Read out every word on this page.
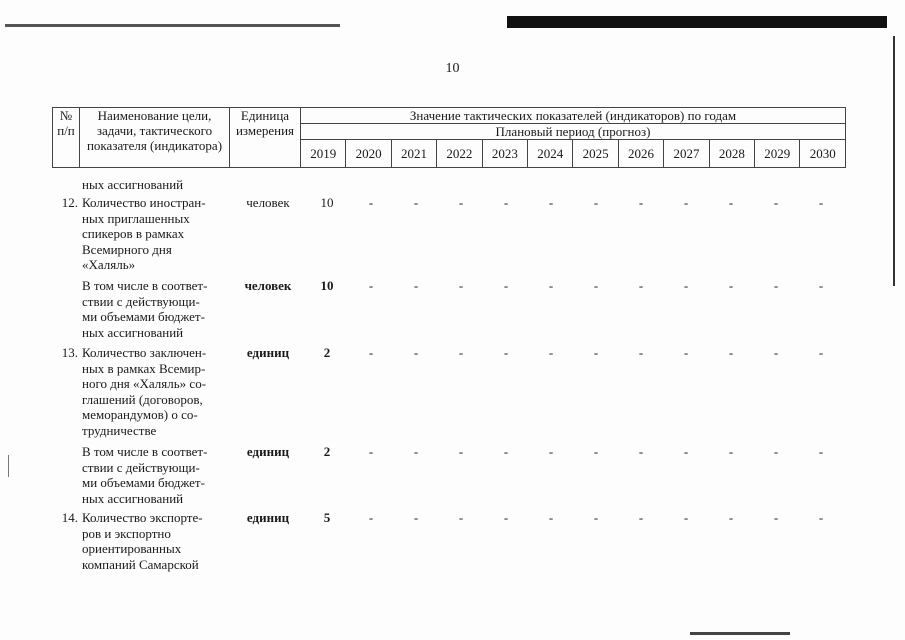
10
№ п/п	Наименование цели, задачи, тактического показателя (индикатора)	Единица измерения	Значение тактических показателей (индикаторов) по годам											
			Плановый период (прогноз)											
			2019	2020	2021	2022	2023	2024	2025	2026	2027	2028	2029	2030
ных ассигнований
12. Количество иностран-
ных приглашенных
спикеров в рамках
Всемирного дня
«Халяль»
человек	10	-	-	-	-	-	-	-	-	-	-	-
В том числе в соответ-
ствии с действующи-
ми объемами бюджет-
ных ассигнований
человек	10	-	-	-	-	-	-	-	-	-	-	-
13. Количество заключен-
ных в рамках Всемир-
ного дня «Халяль» со-
глашений (договоров,
меморандумов) о со-
трудничестве
единиц	2	-	-	-	-	-	-	-	-	-	-	-
В том числе в соответ-
ствии с действующи-
ми объемами бюджет-
ных ассигнований
единиц	2	-	-	-	-	-	-	-	-	-	-	-
14. Количество экспорте-
ров и экспортно
ориентированных
компаний Самарской
единиц	5	-	-	-	-	-	-	-	-	-	-	-
